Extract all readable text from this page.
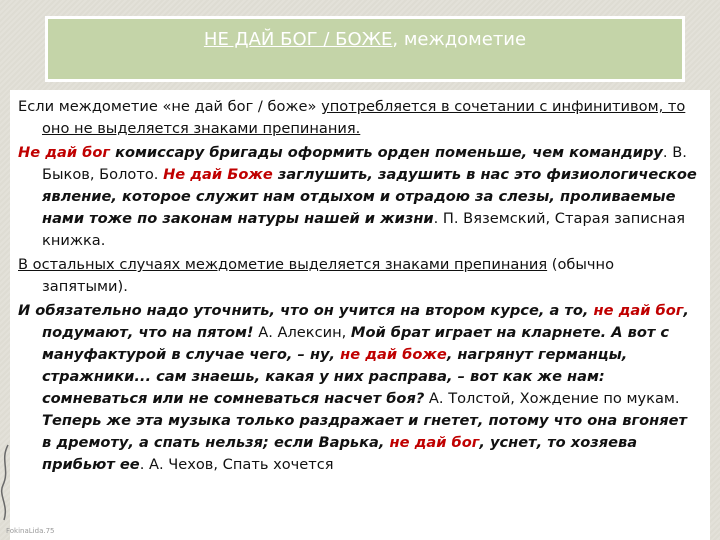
НЕ ДАЙ БОГ / БОЖЕ, междометие

Если междометие «не дай бог / боже» употребляется в сочетании с инфинитивом, то оно не выделяется знаками препинания.

Не дай бог комиссару бригады оформить орден поменьше, чем командиру. В. Быков, Болото. Не дай Боже заглушить, задушить в нас это физиологическое явление, которое служит нам отдыхом и отрадою за слезы, проливаемые нами тоже по законам натуры нашей и жизни. П. Вяземский, Старая записная книжка.

В остальных случаях междометие выделяется знаками препинания (обычно запятыми).

И обязательно надо уточнить, что он учится на втором курсе, а то, не дай бог, подумают, что на пятом! А. Алексин, Мой брат играет на кларнете. А вот с мануфактурой в случае чего, – ну, не дай боже, нагрянут германцы, стражники... сам знаешь, какая у них расправа, – вот как же нам: сомневаться или не сомневаться насчет боя? А. Толстой, Хождение по мукам. Теперь же эта музыка только раздражает и гнетет, потому что она вгоняет в дремоту, а спать нельзя; если Варька, не дай бог, уснет, то хозяева прибьют ее. А. Чехов, Спать хочется

FokinaLida.75
